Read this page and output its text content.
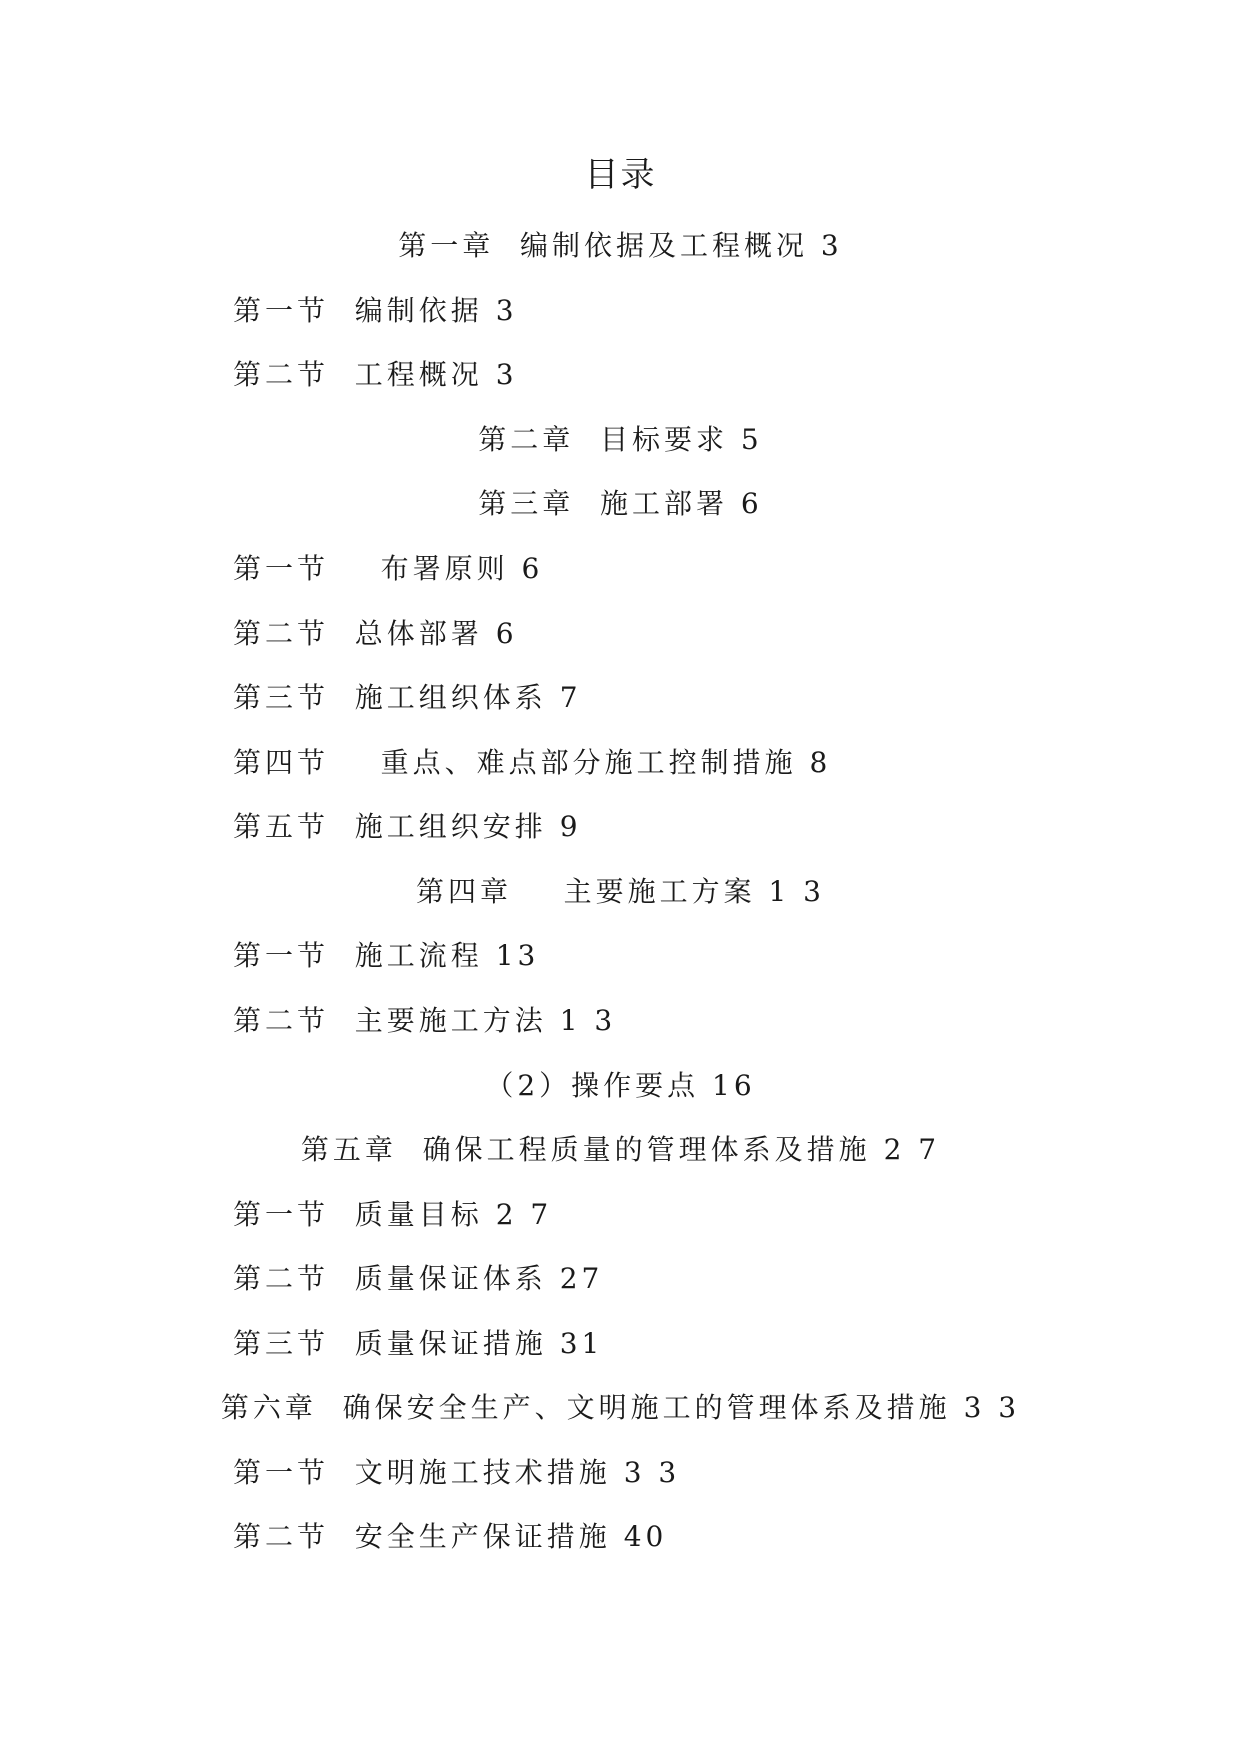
目录
第一章  编制依据及工程概况 3
第一节  编制依据 3
第二节  工程概况 3
第二章  目标要求 5
第三章  施工部署 6
第一节    布署原则 6
第二节  总体部署 6
第三节  施工组织体系 7
第四节    重点、难点部分施工控制措施 8
第五节  施工组织安排 9
第四章    主要施工方案 1 3
第一节  施工流程 13
第二节  主要施工方法 1 3
（2）操作要点 16
第五章  确保工程质量的管理体系及措施 2 7
第一节  质量目标 2 7
第二节  质量保证体系 27
第三节  质量保证措施 31
第六章  确保安全生产、文明施工的管理体系及措施 3 3
第一节  文明施工技术措施 3 3
第二节  安全生产保证措施 40
